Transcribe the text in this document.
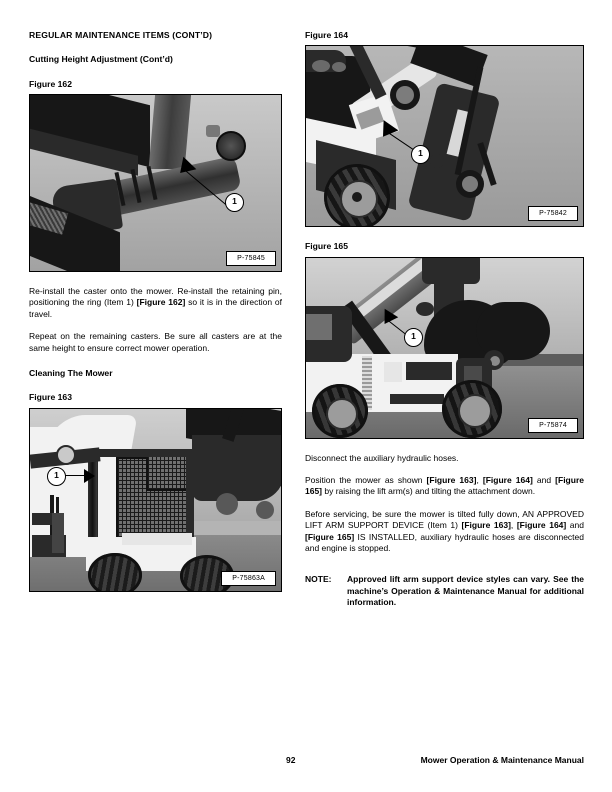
REGULAR MAINTENANCE ITEMS (CONT’D)
Cutting Height Adjustment (Cont’d)
Figure 162
1
P-75845

Re-install the caster onto the mower. Re-install the retaining pin, positioning the ring (Item 1) [Figure 162] so it is in the direction of travel.

Repeat on the remaining casters. Be sure all casters are at the same height to ensure correct mower operation.

Cleaning The Mower
Figure 163
1
P-75863A
Figure 164
1
P-75842
Figure 165
1
P-75874

Disconnect the auxiliary hydraulic hoses.

Position the mower as shown [Figure 163], [Figure 164] and [Figure 165] by raising the lift arm(s) and tilting the attachment down.

Before servicing, be sure the mower is tilted fully down, AN APPROVED LIFT ARM SUPPORT DEVICE (Item 1) [Figure 163], [Figure 164] and [Figure 165] IS INSTALLED, auxiliary hydraulic hoses are disconnected and engine is stopped.

NOTE: Approved lift arm support device styles can vary. See the machine’s Operation & Maintenance Manual for additional information.

92	Mower Operation & Maintenance Manual
